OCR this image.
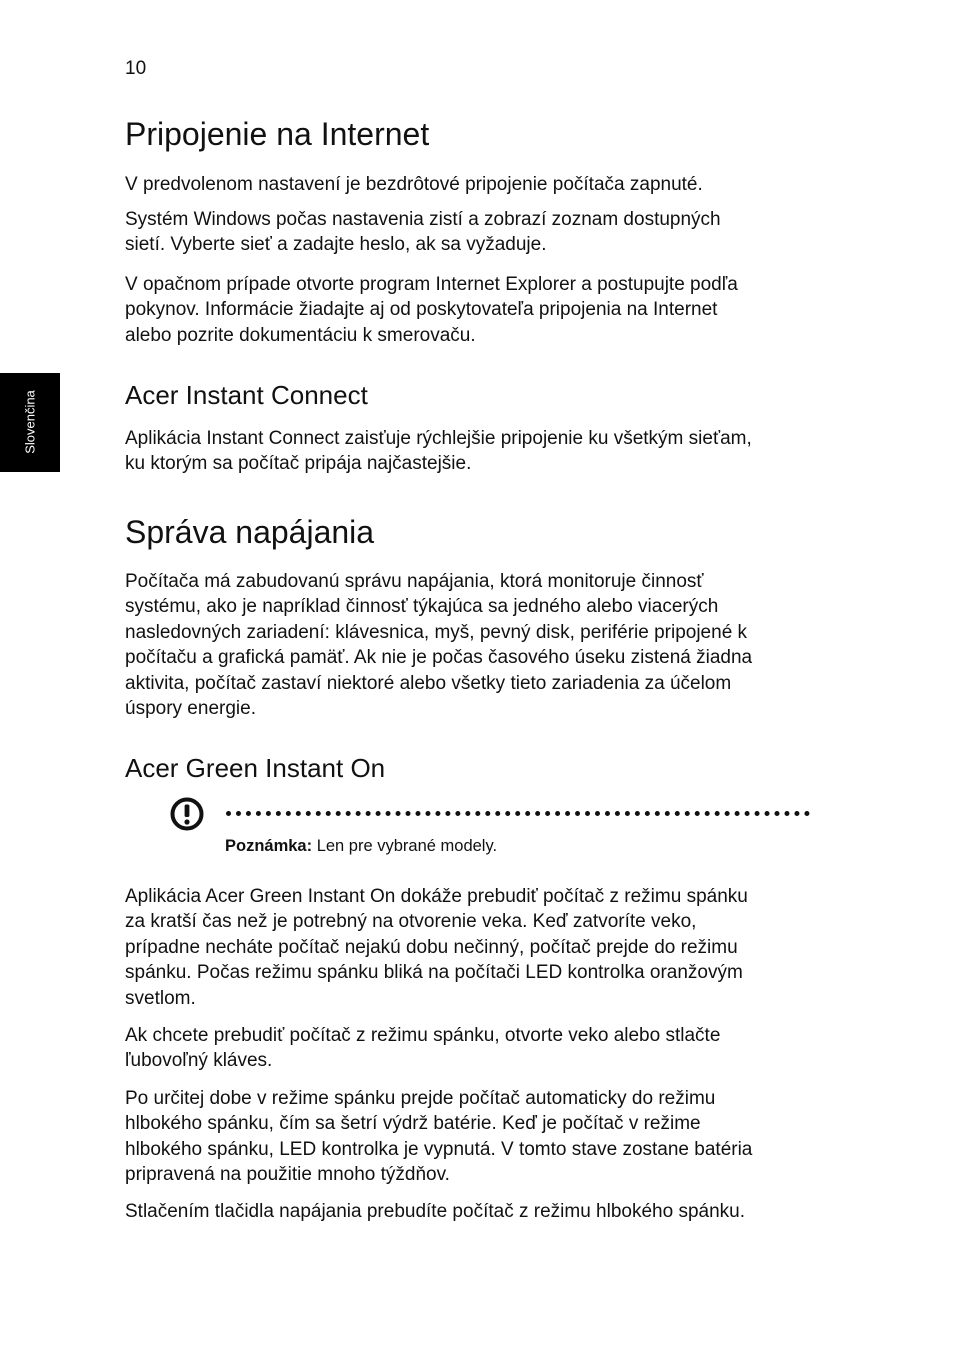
10
Slovenčina
Pripojenie na Internet

V predvolenom nastavení je bezdrôtové pripojenie počítača zapnuté.

Systém Windows počas nastavenia zistí a zobrazí zoznam dostupných
sietí. Vyberte sieť a zadajte heslo, ak sa vyžaduje.

V opačnom prípade otvorte program Internet Explorer a postupujte podľa
pokynov. Informácie žiadajte aj od poskytovateľa pripojenia na Internet
alebo pozrite dokumentáciu k smerovaču.

Acer Instant Connect

Aplikácia Instant Connect zaisťuje rýchlejšie pripojenie ku všetkým sieťam,
ku ktorým sa počítač pripája najčastejšie.

Správa napájania

Počítača má zabudovanú správu napájania, ktorá monitoruje činnosť
systému, ako je napríklad činnosť týkajúca sa jedného alebo viacerých
nasledovných zariadení: klávesnica, myš, pevný disk, periférie pripojené k
počítaču a grafická pamäť. Ak nie je počas časového úseku zistená žiadna
aktivita, počítač zastaví niektoré alebo všetky tieto zariadenia za účelom
úspory energie.

Acer Green Instant On
Poznámka: Len pre vybrané modely.

Aplikácia Acer Green Instant On dokáže prebudiť počítač z režimu spánku
za kratší čas než je potrebný na otvorenie veka. Keď zatvoríte veko,
prípadne necháte počítač nejakú dobu nečinný, počítač prejde do režimu
spánku. Počas režimu spánku bliká na počítači LED kontrolka oranžovým
svetlom.

Ak chcete prebudiť počítač z režimu spánku, otvorte veko alebo stlačte
ľubovoľný kláves.

Po určitej dobe v režime spánku prejde počítač automaticky do režimu
hlbokého spánku, čím sa šetrí výdrž batérie. Keď je počítač v režime
hlbokého spánku, LED kontrolka je vypnutá. V tomto stave zostane batéria
pripravená na použitie mnoho týždňov.

Stlačením tlačidla napájania prebudíte počítač z režimu hlbokého spánku.
